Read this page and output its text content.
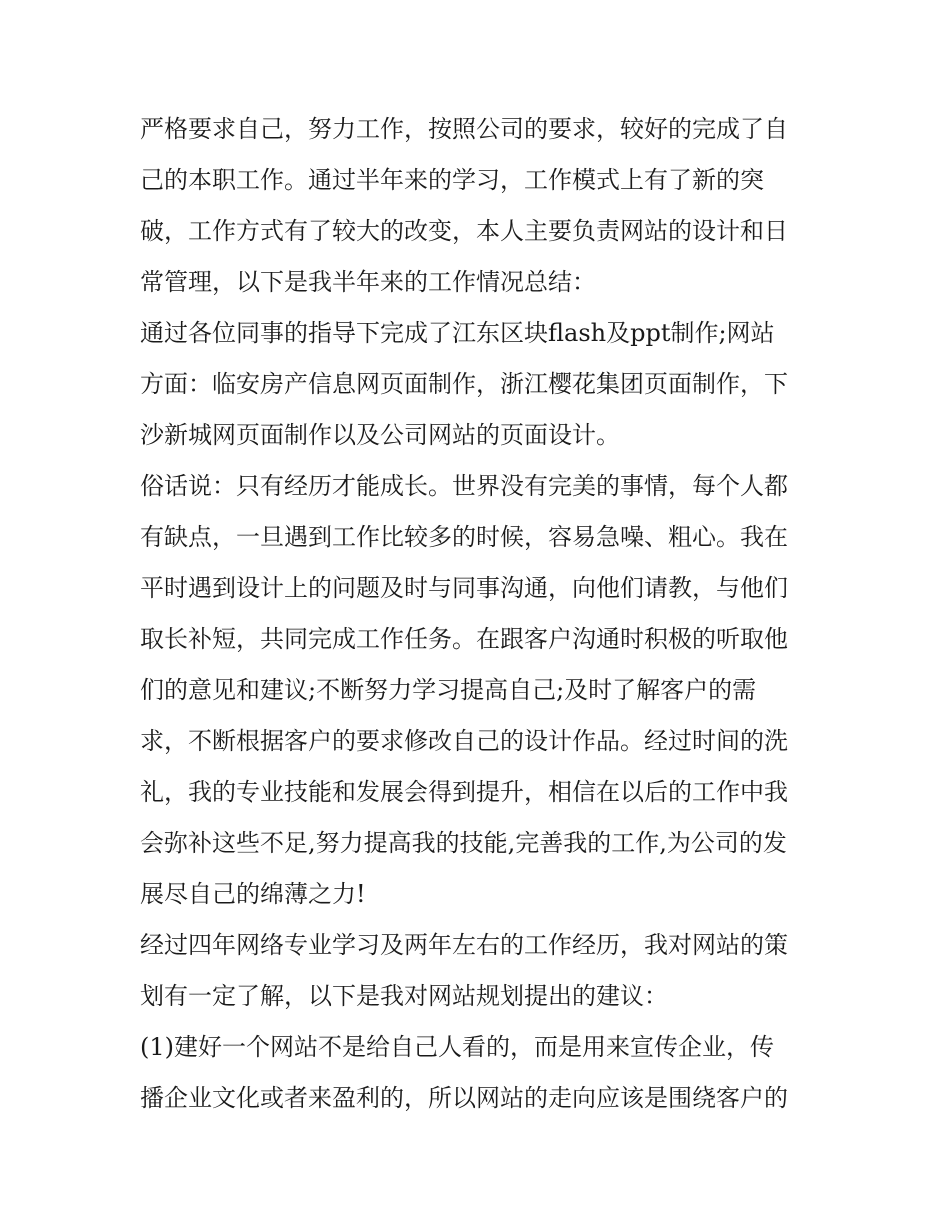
严格要求自己，努力工作，按照公司的要求，较好的完成了自
己的本职工作。通过半年来的学习，工作模式上有了新的突
破，工作方式有了较大的改变，本人主要负责网站的设计和日
常管理，以下是我半年来的工作情况总结：
通过各位同事的指导下完成了江东区块flash及ppt制作;网站
方面：临安房产信息网页面制作，浙江樱花集团页面制作，下
沙新城网页面制作以及公司网站的页面设计。
俗话说：只有经历才能成长。世界没有完美的事情，每个人都
有缺点，一旦遇到工作比较多的时候，容易急噪、粗心。我在
平时遇到设计上的问题及时与同事沟通，向他们请教，与他们
取长补短，共同完成工作任务。在跟客户沟通时积极的听取他
们的意见和建议;不断努力学习提高自己;及时了解客户的需
求，不断根据客户的要求修改自己的设计作品。经过时间的洗
礼，我的专业技能和发展会得到提升，相信在以后的工作中我
会弥补这些不足,努力提高我的技能,完善我的工作,为公司的发
展尽自己的绵薄之力!
经过四年网络专业学习及两年左右的工作经历，我对网站的策
划有一定了解，以下是我对网站规划提出的建议：
(1)建好一个网站不是给自己人看的，而是用来宣传企业，传
播企业文化或者来盈利的，所以网站的走向应该是围绕客户的
